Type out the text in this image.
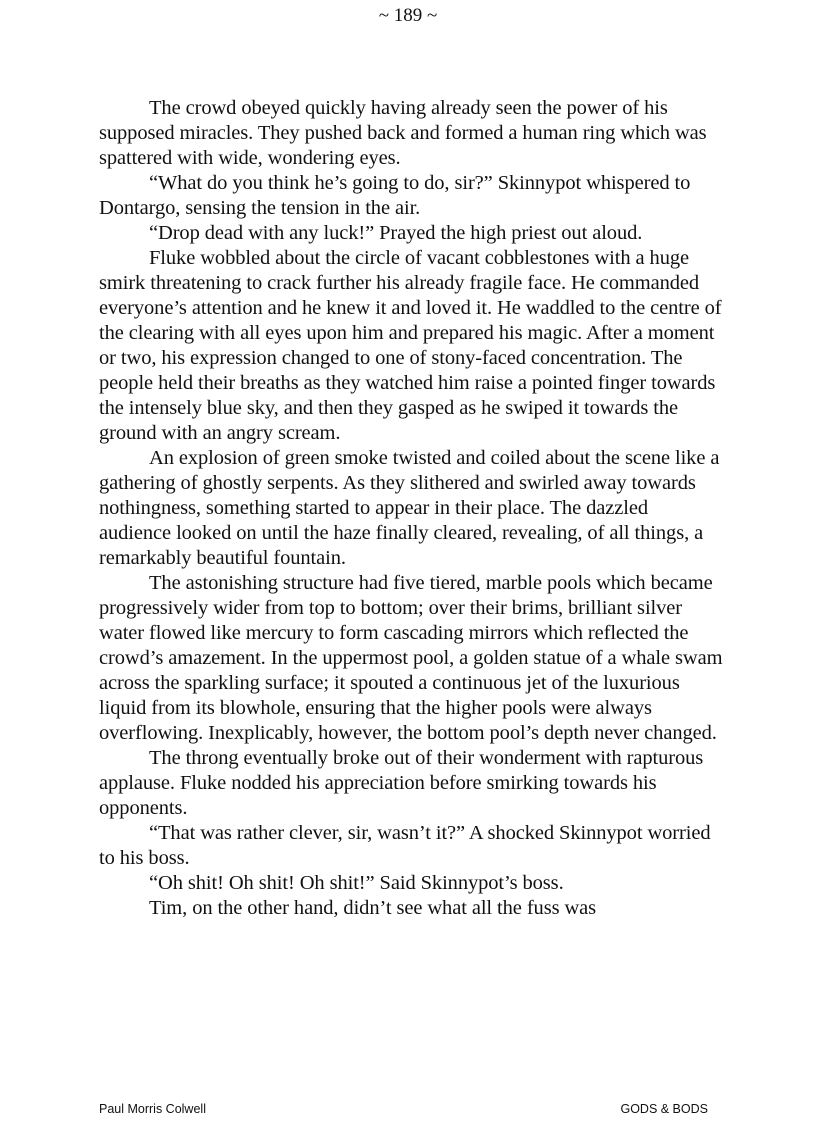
~ 189 ~

The crowd obeyed quickly having already seen the power of his supposed miracles. They pushed back and formed a human ring which was spattered with wide, wondering eyes.

“What do you think he’s going to do, sir?” Skinnypot whispered to Dontargo, sensing the tension in the air.

“Drop dead with any luck!” Prayed the high priest out aloud.

Fluke wobbled about the circle of vacant cobblestones with a huge smirk threatening to crack further his already fragile face. He commanded everyone’s attention and he knew it and loved it. He waddled to the centre of the clearing with all eyes upon him and prepared his magic. After a moment or two, his expression changed to one of stony-faced concentration. The people held their breaths as they watched him raise a pointed finger towards the intensely blue sky, and then they gasped as he swiped it towards the ground with an angry scream.

An explosion of green smoke twisted and coiled about the scene like a gathering of ghostly serpents. As they slithered and swirled away towards nothingness, something started to appear in their place. The dazzled audience looked on until the haze finally cleared, revealing, of all things, a remarkably beautiful fountain.

The astonishing structure had five tiered, marble pools which became progressively wider from top to bottom; over their brims, brilliant silver water flowed like mercury to form cascading mirrors which reflected the crowd’s amazement. In the uppermost pool, a golden statue of a whale swam across the sparkling surface; it spouted a continuous jet of the luxurious liquid from its blowhole, ensuring that the higher pools were always overflowing. Inexplicably, however, the bottom pool’s depth never changed.

The throng eventually broke out of their wonderment with rapturous applause. Fluke nodded his appreciation before smirking towards his opponents.

“That was rather clever, sir, wasn’t it?” A shocked Skinnypot worried to his boss.

“Oh shit! Oh shit! Oh shit!” Said Skinnypot’s boss.

Tim, on the other hand, didn’t see what all the fuss was

Paul Morris Colwell	GODS & BODS
